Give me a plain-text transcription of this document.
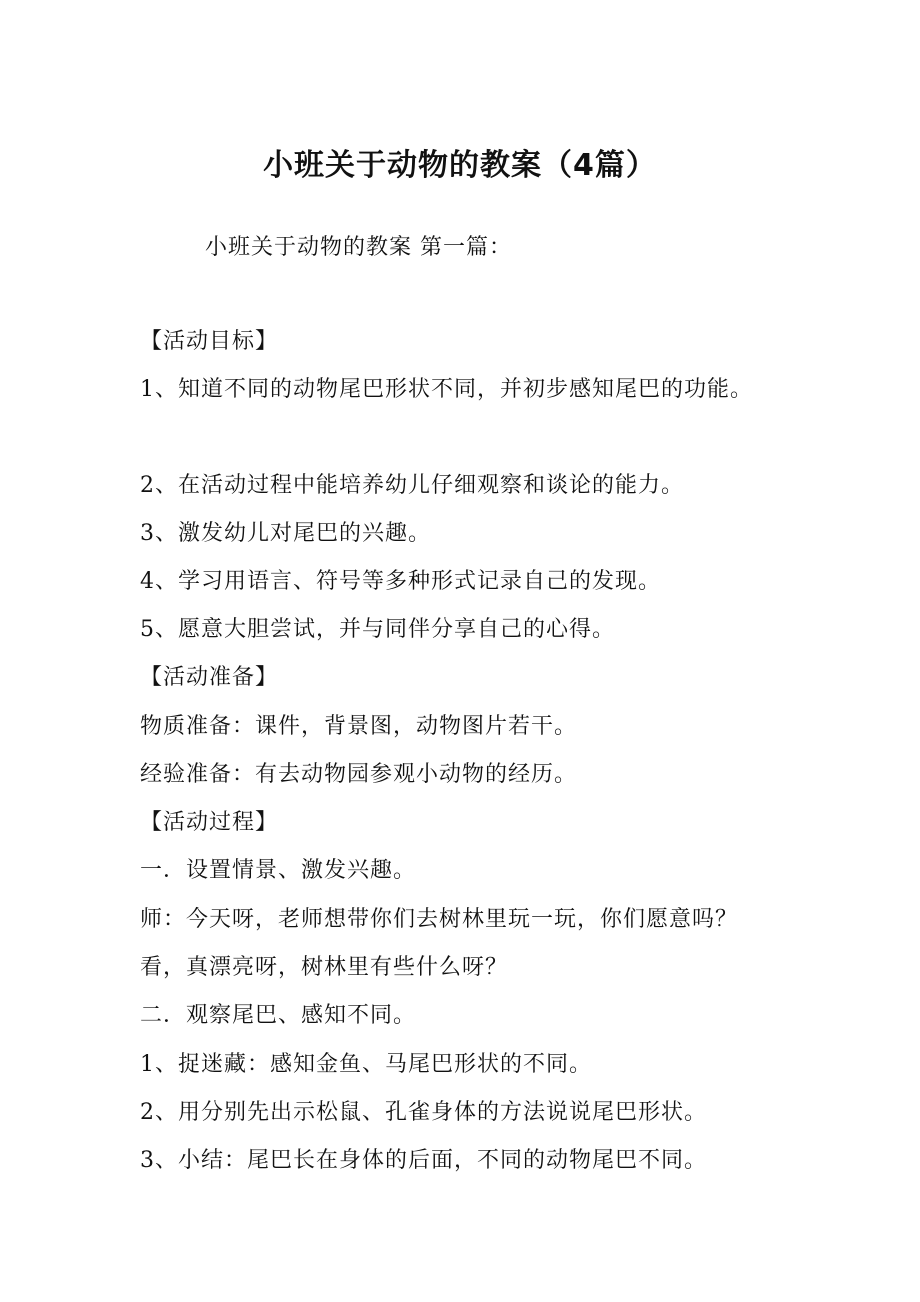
小班关于动物的教案（4篇）
小班关于动物的教案 第一篇：
【活动目标】
1、知道不同的动物尾巴形状不同，并初步感知尾巴的功能。
2、在活动过程中能培养幼儿仔细观察和谈论的能力。
3、激发幼儿对尾巴的兴趣。
4、学习用语言、符号等多种形式记录自己的发现。
5、愿意大胆尝试，并与同伴分享自己的心得。
【活动准备】
物质准备：课件，背景图，动物图片若干。
经验准备：有去动物园参观小动物的经历。
【活动过程】
一．设置情景、激发兴趣。
师：今天呀，老师想带你们去树林里玩一玩，你们愿意吗？
看，真漂亮呀，树林里有些什么呀？
二．观察尾巴、感知不同。
1、捉迷藏：感知金鱼、马尾巴形状的不同。
2、用分别先出示松鼠、孔雀身体的方法说说尾巴形状。
3、小结：尾巴长在身体的后面，不同的动物尾巴不同。
